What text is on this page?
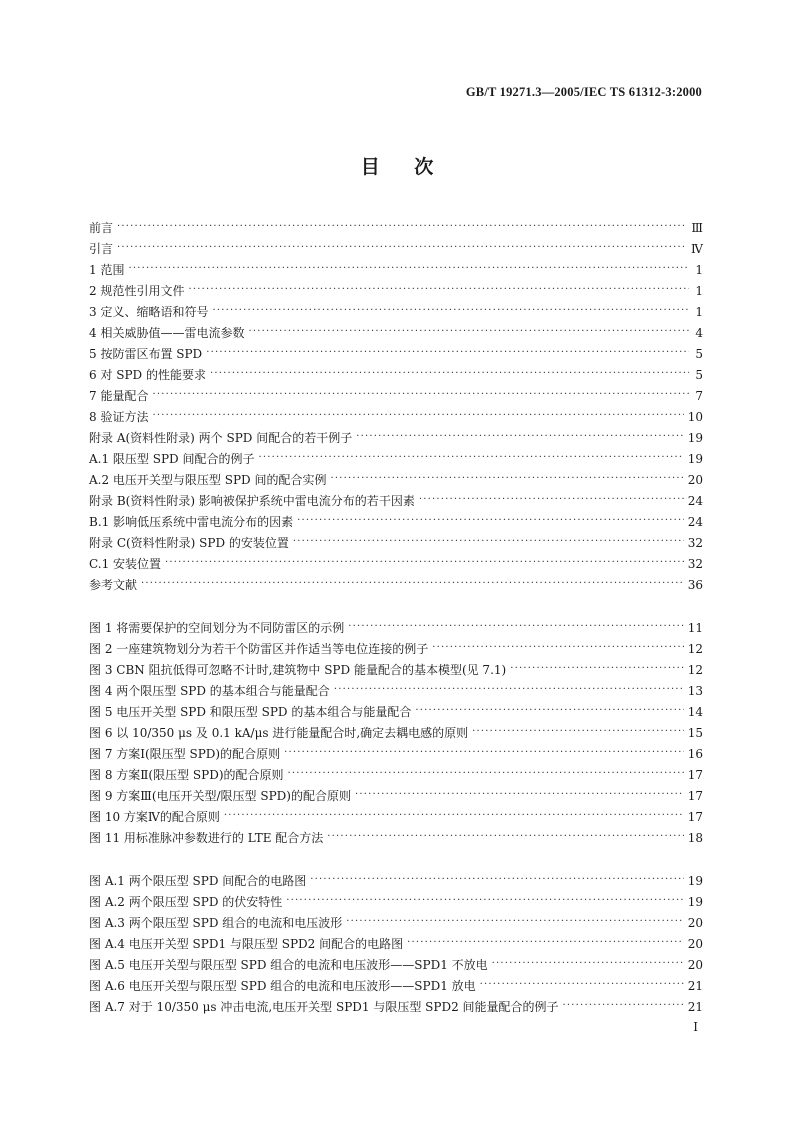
GB/T 19271.3—2005/IEC TS 61312-3:2000
目 次
前言 ·····	Ⅲ
引言 ·····	Ⅳ
1 范围 ·····	1
2 规范性引用文件 ·····	1
3 定义、缩略语和符号 ·····	1
4 相关威胁值——雷电流参数 ·····	4
5 按防雷区布置 SPD ·····	5
6 对 SPD 的性能要求 ·····	5
7 能量配合 ·····	7
8 验证方法 ·····	10
附录 A(资料性附录) 两个 SPD 间配合的若干例子 ·····	19
A.1 限压型 SPD 间配合的例子 ·····	19
A.2 电压开关型与限压型 SPD 间的配合实例 ·····	20
附录 B(资料性附录) 影响被保护系统中雷电流分布的若干因素 ·····	24
B.1 影响低压系统中雷电流分布的因素 ·····	24
附录 C(资料性附录) SPD 的安装位置 ·····	32
C.1 安装位置 ·····	32
参考文献 ·····	36
图 1 将需要保护的空间划分为不同防雷区的示例 ·····	11
图 2 一座建筑物划分为若干个防雷区并作适当等电位连接的例子 ·····	12
图 3 CBN 阻抗低得可忽略不计时,建筑物中 SPD 能量配合的基本模型(见 7.1) ·····	12
图 4 两个限压型 SPD 的基本组合与能量配合 ·····	13
图 5 电压开关型 SPD 和限压型 SPD 的基本组合与能量配合 ·····	14
图 6 以 10/350 μs 及 0.1 kA/μs 进行能量配合时,确定去耦电感的原则 ·····	15
图 7 方案Ⅰ(限压型 SPD)的配合原则 ·····	16
图 8 方案Ⅱ(限压型 SPD)的配合原则 ·····	17
图 9 方案Ⅲ(电压开关型/限压型 SPD)的配合原则 ·····	17
图 10 方案Ⅳ的配合原则 ·····	17
图 11 用标准脉冲参数进行的 LTE 配合方法 ·····	18
图 A.1 两个限压型 SPD 间配合的电路图 ·····	19
图 A.2 两个限压型 SPD 的伏安特性 ·····	19
图 A.3 两个限压型 SPD 组合的电流和电压波形 ·····	20
图 A.4 电压开关型 SPD1 与限压型 SPD2 间配合的电路图 ·····	20
图 A.5 电压开关型与限压型 SPD 组合的电流和电压波形——SPD1 不放电 ·····	20
图 A.6 电压开关型与限压型 SPD 组合的电流和电压波形——SPD1 放电 ·····	21
图 A.7 对于 10/350 μs 冲击电流,电压开关型 SPD1 与限压型 SPD2 间能量配合的例子 ·····	21
I
